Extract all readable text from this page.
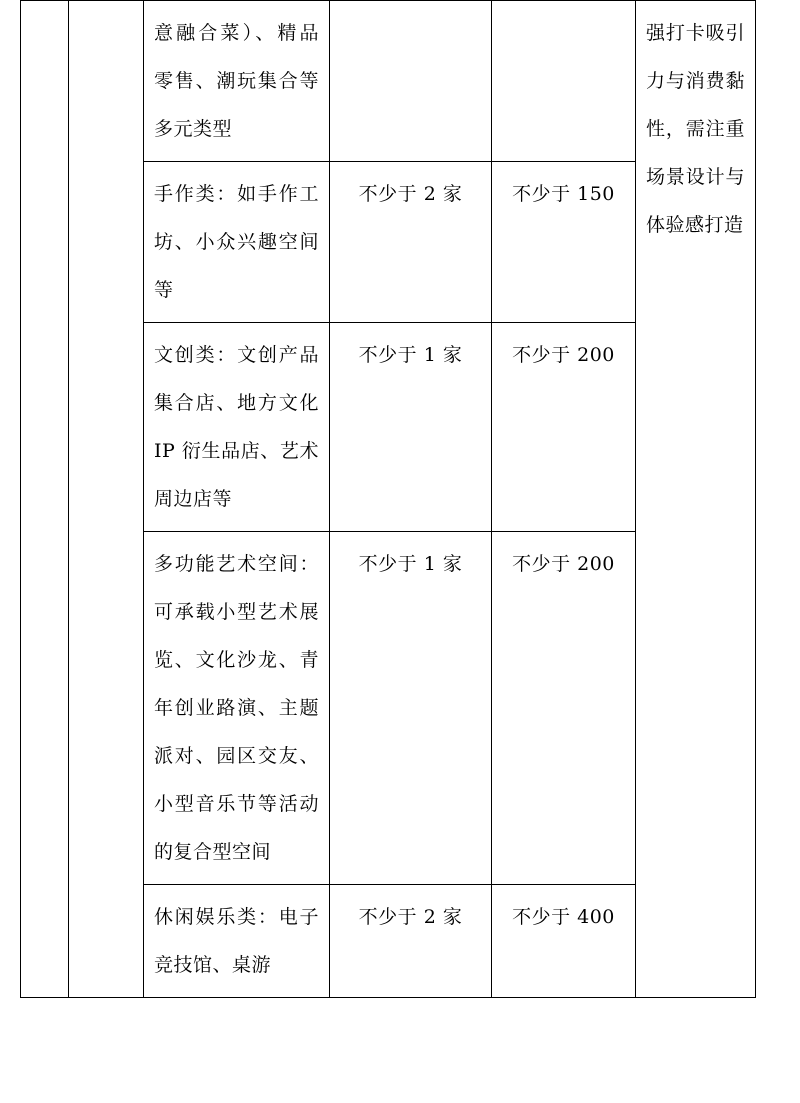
		意融合菜）、精品零售、潮玩集合等多元类型			强打卡吸引力与消费黏性，需注重场景设计与体验感打造
		手作类：如手作工坊、小众兴趣空间等	不少于 2 家	不少于 150	
		文创类：文创产品集合店、地方文化 IP 衍生品店、艺术周边店等	不少于 1 家	不少于 200	
		多功能艺术空间：可承载小型艺术展览、文化沙龙、青年创业路演、主题派对、园区交友、小型音乐节等活动的复合型空间	不少于 1 家	不少于 200	
		休闲娱乐类：电子竞技馆、桌游	不少于 2 家	不少于 400	
